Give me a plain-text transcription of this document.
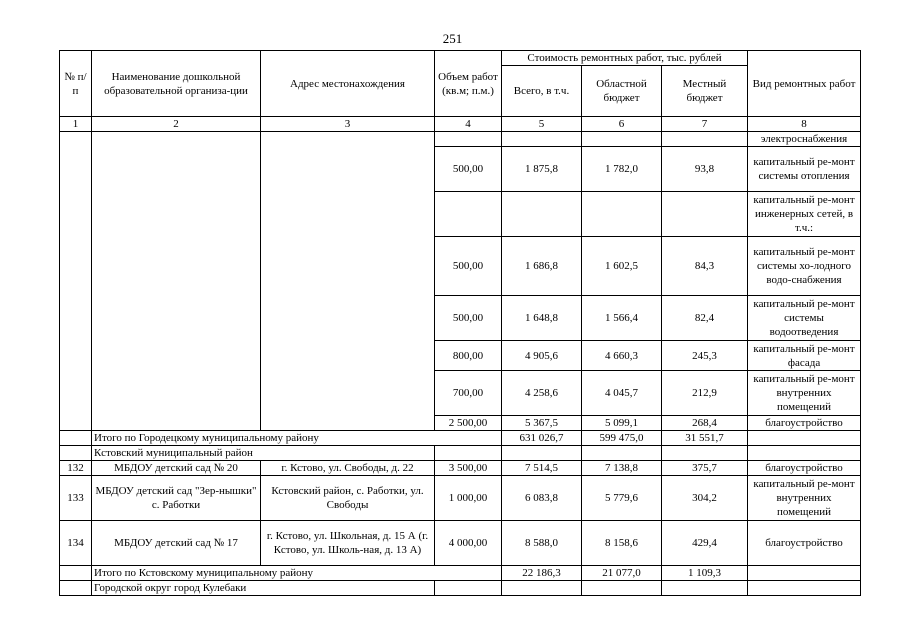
251
№ п/п	Наименование дошкольной образовательной организа-ции	Адрес местонахождения	Объем работ (кв.м; п.м.)	Стоимость ремонтных работ, тыс. рублей			Вид ремонтных работ
				Всего, в т.ч.	Областной бюджет	Местный бюджет	
1	2	3	4	5	6	7	8
							электроснабжения
			500,00	1 875,8	1 782,0	93,8	капитальный ре-монт системы отопления
							капитальный ре-монт инженерных сетей, в т.ч.:
			500,00	1 686,8	1 602,5	84,3	капитальный ре-монт системы хо-лодного водо-снабжения
			500,00	1 648,8	1 566,4	82,4	капитальный ре-монт системы водоотведения
			800,00	4 905,6	4 660,3	245,3	капитальный ре-монт фасада
			700,00	4 258,6	4 045,7	212,9	капитальный ре-монт внутренних помещений
			2 500,00	5 367,5	5 099,1	268,4	благоустройство
	Итого по Городецкому муниципальному району			631 026,7	599 475,0	31 551,7	
	Кстовский муниципальный район						
132	МБДОУ детский сад № 20	г. Кстово, ул. Свободы, д. 22	3 500,00	7 514,5	7 138,8	375,7	благоустройство
133	МБДОУ детский сад "Зер-нышки" с. Работки	Кстовский район, с. Работки, ул. Свободы	1 000,00	6 083,8	5 779,6	304,2	капитальный ре-монт внутренних помещений
134	МБДОУ детский сад № 17	г. Кстово, ул. Школьная, д. 15 А (г. Кстово, ул. Школь-ная, д. 13 А)	4 000,00	8 588,0	8 158,6	429,4	благоустройство
	Итого по Кстовскому муниципальному району			22 186,3	21 077,0	1 109,3	
	Городской округ город Кулебаки						
